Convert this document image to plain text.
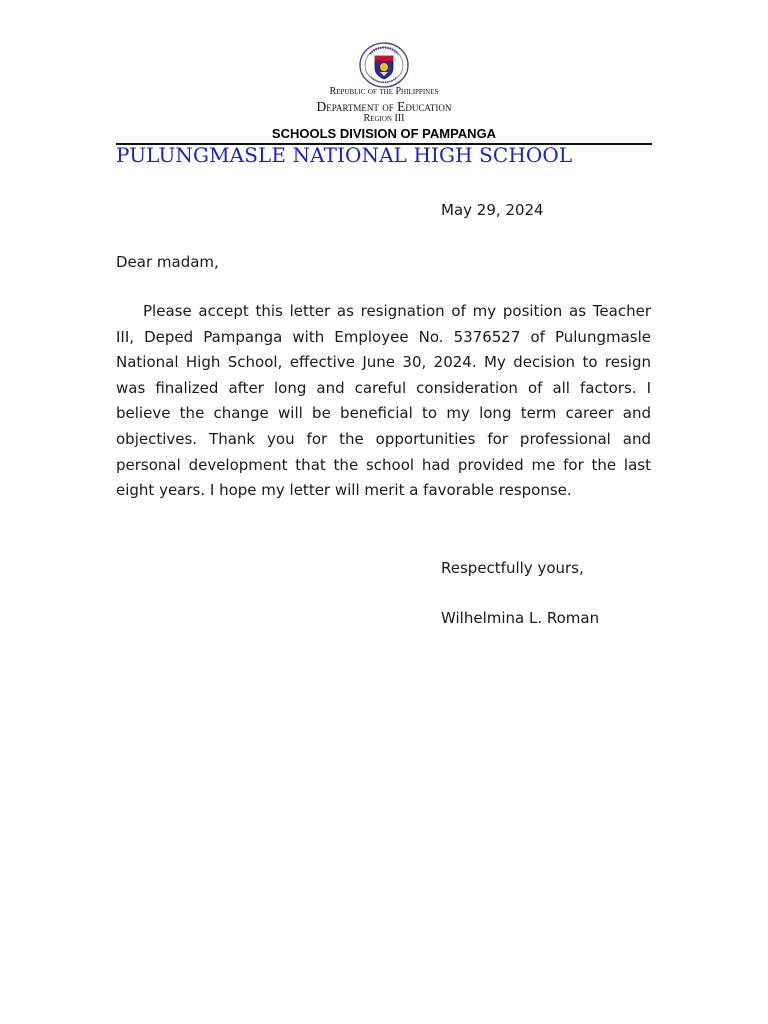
Republic of the Philippines
Department of Education
Region III
SCHOOLS DIVISION OF PAMPANGA
PULUNGMASLE NATIONAL HIGH SCHOOL
May 29, 2024
Dear madam,
Please accept this letter as resignation of my position as Teacher III, Deped Pampanga with Employee No. 5376527 of Pulungmasle National High School, effective June 30, 2024. My decision to resign was finalized after long and careful consideration of all factors. I believe the change will be beneficial to my long term career and objectives. Thank you for the opportunities for professional and personal development that the school had provided me for the last eight years. I hope my letter will merit a favorable response.
Respectfully yours,
Wilhelmina L. Roman
